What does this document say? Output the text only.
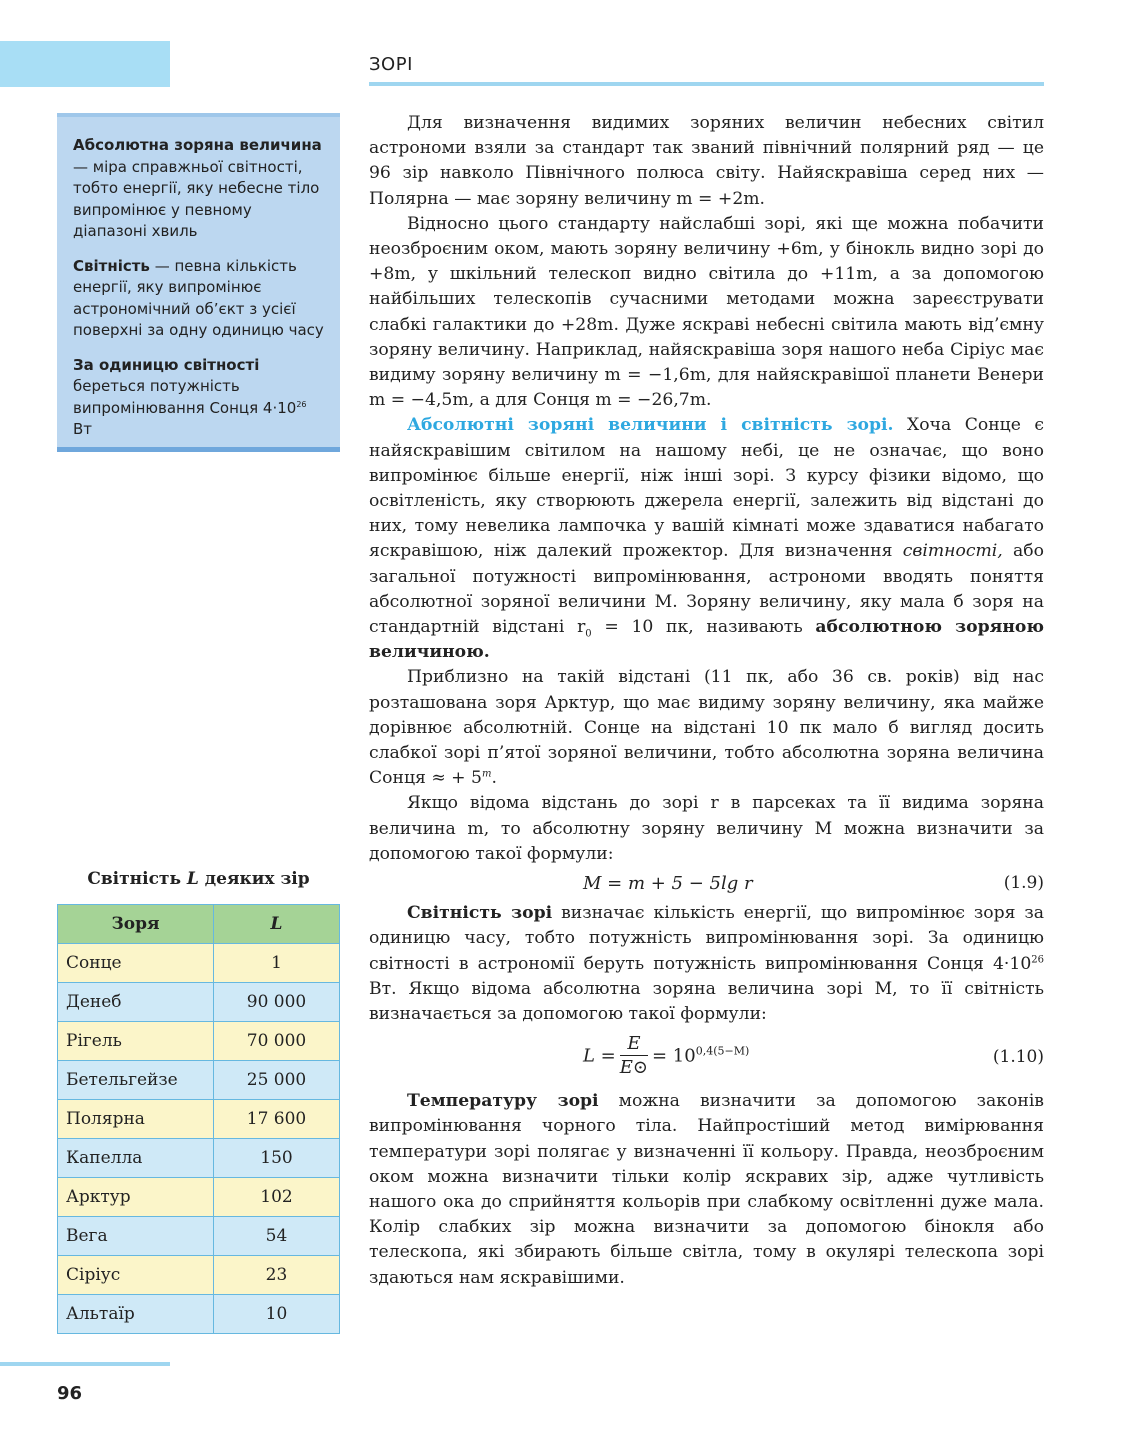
ЗОРІ

Абсолютна зоряна величина — міра справжньої світності, тобто енергії, яку небесне тіло випромінює у певному діапазоні хвиль

Світність — певна кількість енергії, яку випромінює астрономічний об’єкт з усієї поверхні за одну одиницю часу

За одиницю світності береться потужність випромінювання Сонця $4\cdot 10^{26}$ Вт

Світність L деяких зір
Зоря	L
Сонце	1
Денеб	90 000
Рігель	70 000
Бетельгейзе	25 000
Полярна	17 600
Капелла	150
Арктур	102
Вега	54
Сіріус	23
Альтаїр	10
96

Для визначення видимих зоряних величин небесних світил астрономи взяли за стандарт так званий північний полярний ряд — це 96 зір навколо Північного полюса світу. Найяскравіша серед них — Полярна — має зоряну величину m = +2m.

Відносно цього стандарту найслабші зорі, які ще можна побачити неозброєним оком, мають зоряну величину +6m, у бінокль видно зорі до +8m, у шкільний телескоп видно світила до +11m, а за допомогою найбільших телескопів сучасними методами можна зареєструвати слабкі галактики до +28m. Дуже яскраві небесні світила мають від’ємну зоряну величину. Наприклад, найяскравіша зоря нашого неба Сіріус має видиму зоряну величину m = −1,6m, для найяскравішої планети Венери m = −4,5m, а для Сонця m = −26,7m.

Абсолютні зоряні величини і світність зорі. Хоча Сонце є найяскравішим світилом на нашому небі, це не означає, що воно випромінює більше енергії, ніж інші зорі. З курсу фізики відомо, що освітленість, яку створюють джерела енергії, залежить від відстані до них, тому невелика лампочка у вашій кімнаті може здаватися набагато яскравішою, ніж далекий прожектор. Для визначення світності, або загальної потужності випромінювання, астрономи вводять поняття абсолютної зоряної величини M. Зоряну величину, яку мала б зоря на стандартній відстані $r_0 = 10$ пк, називають абсолютною зоряною величиною.

Приблизно на такій відстані (11 пк, або 36 св. років) від нас розташована зоря Арктур, що має видиму зоряну величину, яка майже дорівнює абсолютній. Сонце на відстані 10 пк мало б вигляд досить слабкої зорі п’ятої зоряної величини, тобто абсолютна зоряна величина Сонця ≈ + $5^m$.

Якщо відома відстань до зорі r в парсеках та її видима зоряна величина m, то абсолютну зоряну величину M можна визначити за допомогою такої формули:

M = m + 5 − 5lg r	(1.9)

Світність зорі визначає кількість енергії, що випромінює зоря за одиницю часу, тобто потужність випромінювання зорі. За одиницю світності в астрономії беруть потужність випромінювання Сонця $4\cdot 10^{26}$ Вт. Якщо відома абсолютна зоряна величина зорі M, то її світність визначається за допомогою такої формули:

$L = \frac{E}{E⊙} = 10^{0,4(5-M)}$	(1.10)

Температуру зорі можна визначити за допомогою законів випромінювання чорного тіла. Найпростіший метод вимірювання температури зорі полягає у визначенні її кольору. Правда, неозброєним оком можна визначити тільки колір яскравих зір, адже чутливість нашого ока до сприйняття кольорів при слабкому освітленні дуже мала. Колір слабких зір можна визначити за допомогою бінокля або телескопа, які збирають більше світла, тому в окулярі телескопа зорі здаються нам яскравішими.
